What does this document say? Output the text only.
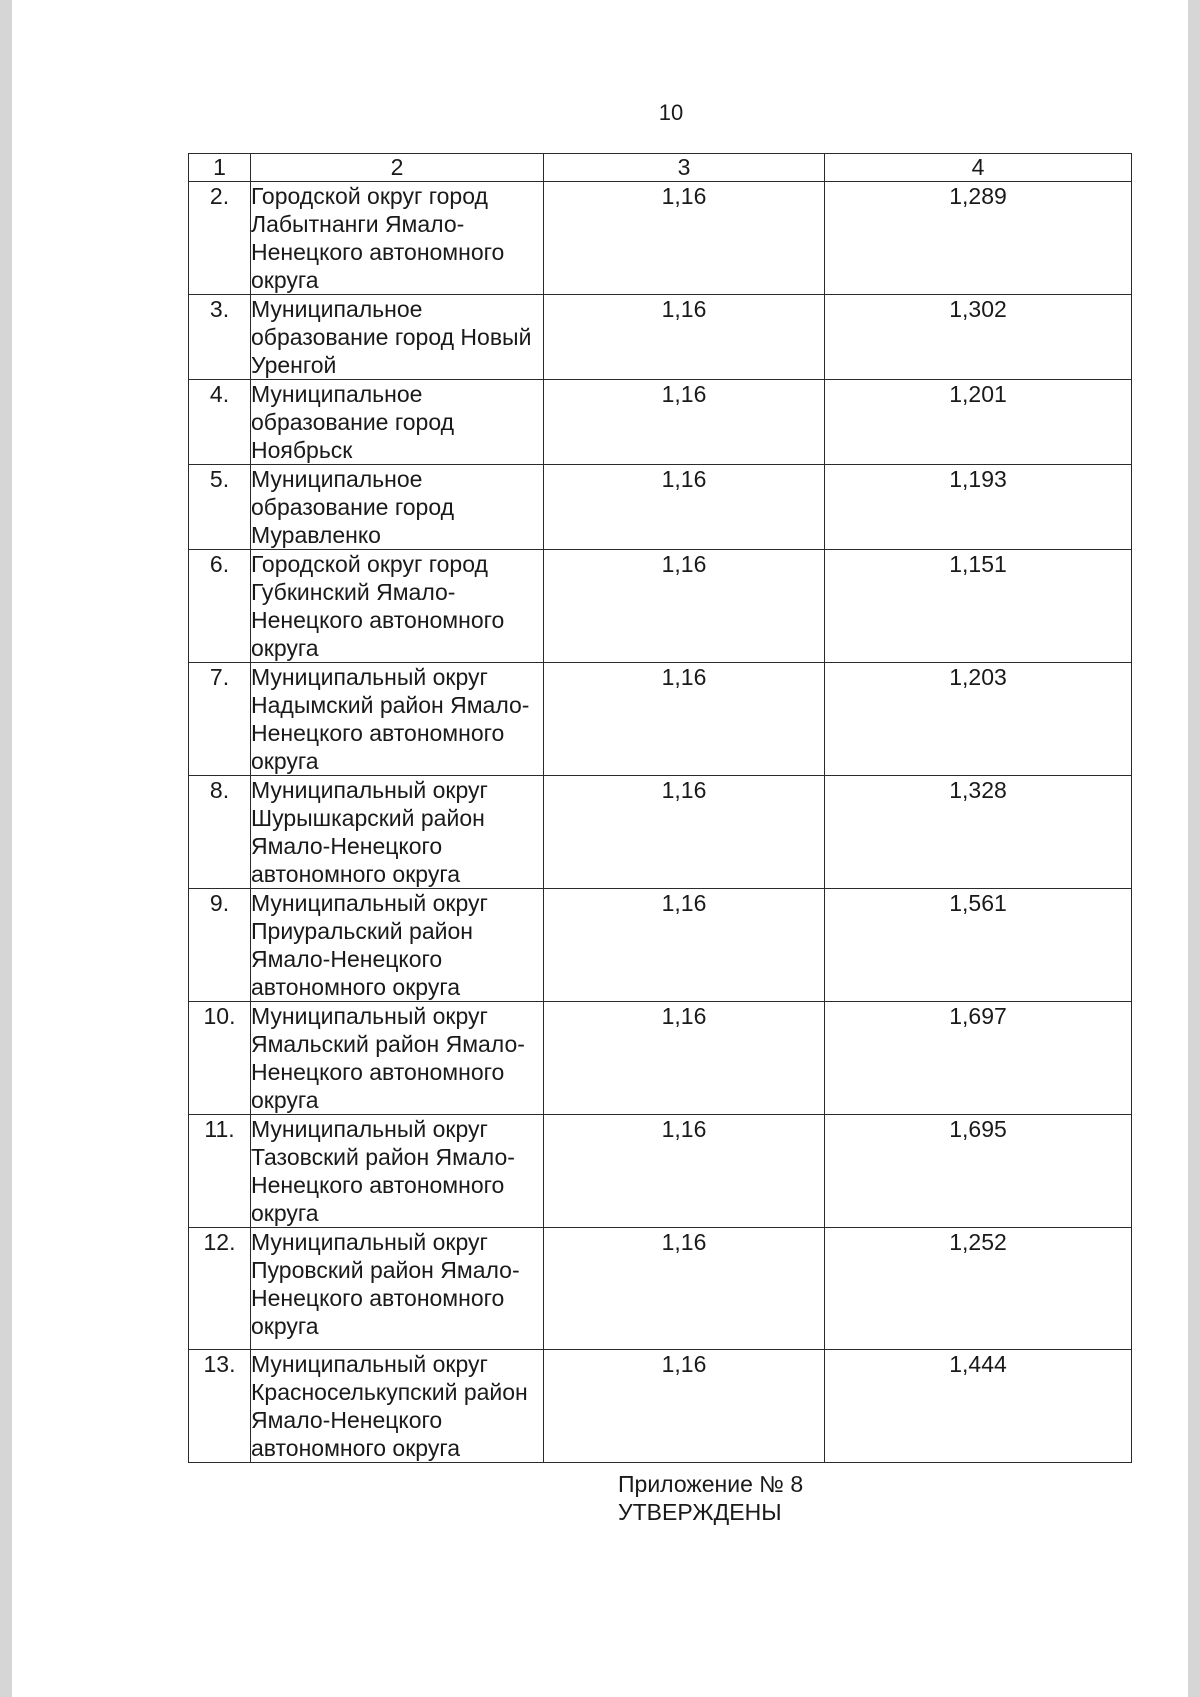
10
1	2	3	4
2.	Городской округ город Лабытнанги Ямало-Ненецкого автономного округа	1,16	1,289
3.	Муниципальное образование город Новый Уренгой	1,16	1,302
4.	Муниципальное образование город Ноябрьск	1,16	1,201
5.	Муниципальное образование город Муравленко	1,16	1,193
6.	Городской округ город Губкинский Ямало-Ненецкого автономного округа	1,16	1,151
7.	Муниципальный округ Надымский район Ямало-Ненецкого автономного округа	1,16	1,203
8.	Муниципальный округ Шурышкарский район Ямало-Ненецкого автономного округа	1,16	1,328
9.	Муниципальный округ Приуральский район Ямало-Ненецкого автономного округа	1,16	1,561
10.	Муниципальный округ Ямальский район Ямало-Ненецкого автономного округа	1,16	1,697
11.	Муниципальный округ Тазовский район Ямало-Ненецкого автономного округа	1,16	1,695
12.	Муниципальный округ Пуровский район Ямало-Ненецкого автономного округа	1,16	1,252
13.	Муниципальный округ Красноселькупский район Ямало-Ненецкого автономного округа	1,16	1,444
Приложение № 8
УТВЕРЖДЕНЫ
